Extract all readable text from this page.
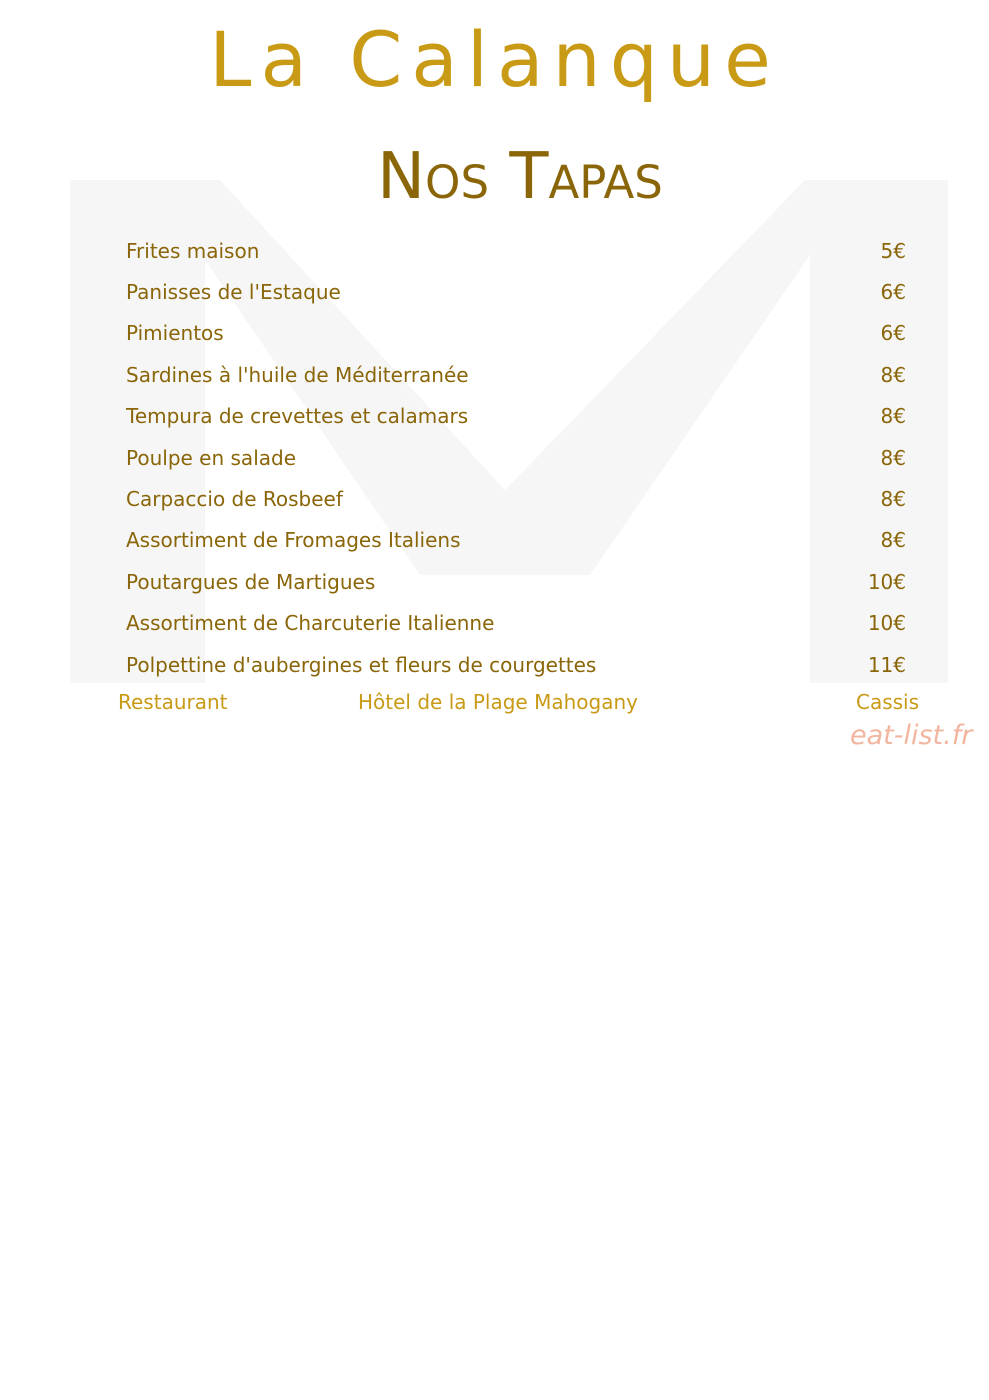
La Calanque
Nos Tapas
Frites maison	5€
Panisses de l'Estaque	6€
Pimientos	6€
Sardines à l'huile de Méditerranée	8€
Tempura de crevettes et calamars	8€
Poulpe en salade	8€
Carpaccio de Rosbeef	8€
Assortiment de Fromages Italiens	8€
Poutargues de Martigues	10€
Assortiment de Charcuterie Italienne	10€
Polpettine d'aubergines et fleurs de courgettes	11€
Restaurant	Hôtel de la Plage Mahogany	Cassis
eat-list.fr
